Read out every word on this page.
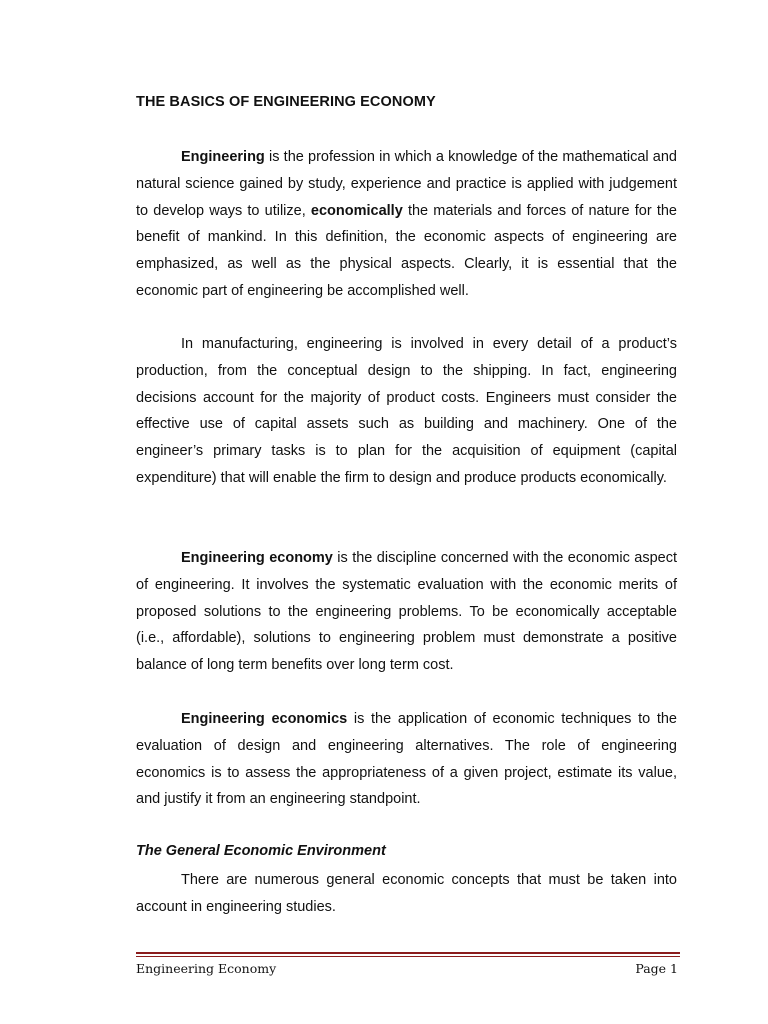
THE BASICS OF ENGINEERING ECONOMY

Engineering is the profession in which a knowledge of the mathematical and natural science gained by study, experience and practice is applied with judgement to develop ways to utilize, economically the materials and forces of nature for the benefit of mankind. In this definition, the economic aspects of engineering are emphasized, as well as the physical aspects. Clearly, it is essential that the economic part of engineering be accomplished well.

In manufacturing, engineering is involved in every detail of a product’s production, from the conceptual design to the shipping. In fact, engineering decisions account for the majority of product costs. Engineers must consider the effective use of capital assets such as building and machinery. One of the engineer’s primary tasks is to plan for the acquisition of equipment (capital expenditure) that will enable the firm to design and produce products economically.

Engineering economy is the discipline concerned with the economic aspect of engineering. It involves the systematic evaluation with the economic merits of proposed solutions to the engineering problems. To be economically acceptable (i.e., affordable), solutions to engineering problem must demonstrate a positive balance of long term benefits over long term cost.

Engineering economics is the application of economic techniques to the evaluation of design and engineering alternatives. The role of engineering economics is to assess the appropriateness of a given project, estimate its value, and justify it from an engineering standpoint.

The General Economic Environment

There are numerous general economic concepts that must be taken into account in engineering studies.

Engineering Economy	Page 1
